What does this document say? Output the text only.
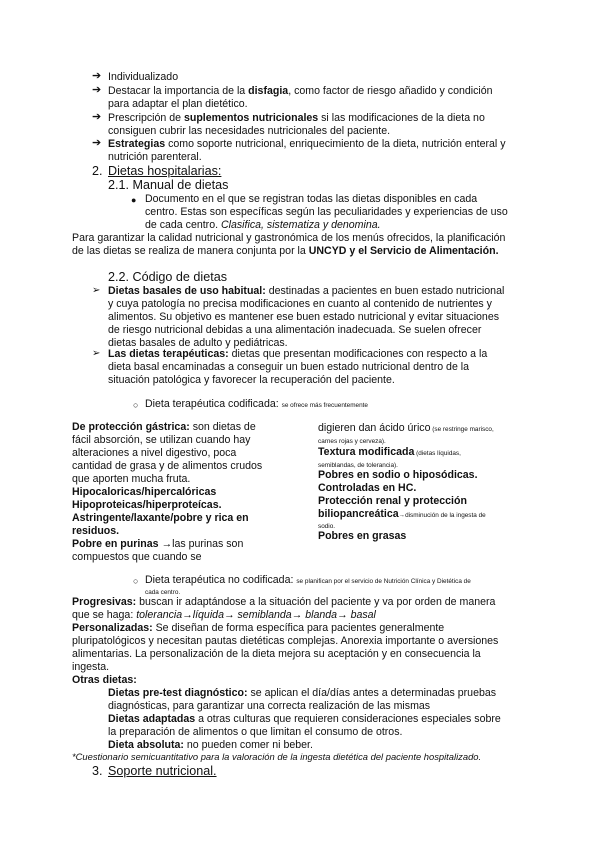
➔ Individualizado
➔ Destacar la importancia de la disfagia, como factor de riesgo añadido y condición
para adaptar el plan dietético.
➔ Prescripción de suplementos nutricionales si las modificaciones de la dieta no
consiguen cubrir las necesidades nutricionales del paciente.
➔ Estrategias como soporte nutricional, enriquecimiento de la dieta, nutrición enteral y
nutrición parenteral.
2. Dietas hospitalarias:
2.1. Manual de dietas
● Documento en el que se registran todas las dietas disponibles en cada
centro. Estas son específicas según las peculiaridades y experiencias de uso
de cada centro. Clasifica, sistematiza y denomina.
Para garantizar la calidad nutricional y gastronómica de los menús ofrecidos, la planificación
de las dietas se realiza de manera conjunta por la UNCYD y el Servicio de Alimentación.
2.2. Código de dietas
➢ Dietas basales de uso habitual: destinadas a pacientes en buen estado nutricional
y cuya patología no precisa modificaciones en cuanto al contenido de nutrientes y
alimentos. Su objetivo es mantener ese buen estado nutricional y evitar situaciones
de riesgo nutricional debidas a una alimentación inadecuada. Se suelen ofrecer
dietas basales de adulto y pediátricas.
➢ Las dietas terapéuticas: dietas que presentan modificaciones con respecto a la
dieta basal encaminadas a conseguir un buen estado nutricional dentro de la
situación patológica y favorecer la recuperación del paciente.
○ Dieta terapéutica codificada: se ofrece más frecuentemente
De protección gástrica: son dietas de
fácil absorción, se utilizan cuando hay
alteraciones a nivel digestivo, poca
cantidad de grasa y de alimentos crudos
que aporten mucha fruta.
Hipocaloricas/hipercalóricas
Hipoproteicas/hiperproteícas.
Astringente/laxante/pobre y rica en
residuos.
Pobre en purinas →las purinas son
compuestos que cuando se
digieren dan ácido úrico (se restringe marisco,
carnes rojas y cerveza).
Textura modificada (dietas líquidas,
semiblandas, de tolerancia).
Pobres en sodio o hiposódicas.
Controladas en HC.
Protección renal y protección
biliopancreática→disminución de la ingesta de
sodio.
Pobres en grasas
○ Dieta terapéutica no codificada: se planifican por el servicio de Nutrición Clínica y Dietética de
cada centro.
Progresivas: buscan ir adaptándose a la situación del paciente y va por orden de manera
que se haga: tolerancia→líquida→ semiblanda→ blanda→ basal
Personalizadas: Se diseñan de forma específica para pacientes generalmente
pluripatológicos y necesitan pautas dietéticas complejas. Anorexia importante o aversiones
alimentarias. La personalización de la dieta mejora su aceptación y en consecuencia la
ingesta.
Otras dietas:
Dietas pre-test diagnóstico: se aplican el día/días antes a determinadas pruebas
diagnósticas, para garantizar una correcta realización de las mismas
Dietas adaptadas a otras culturas que requieren consideraciones especiales sobre
la preparación de alimentos o que limitan el consumo de otros.
Dieta absoluta: no pueden comer ni beber.
*Cuestionario semicuantitativo para la valoración de la ingesta dietética del paciente hospitalizado.
3. Soporte nutricional.
